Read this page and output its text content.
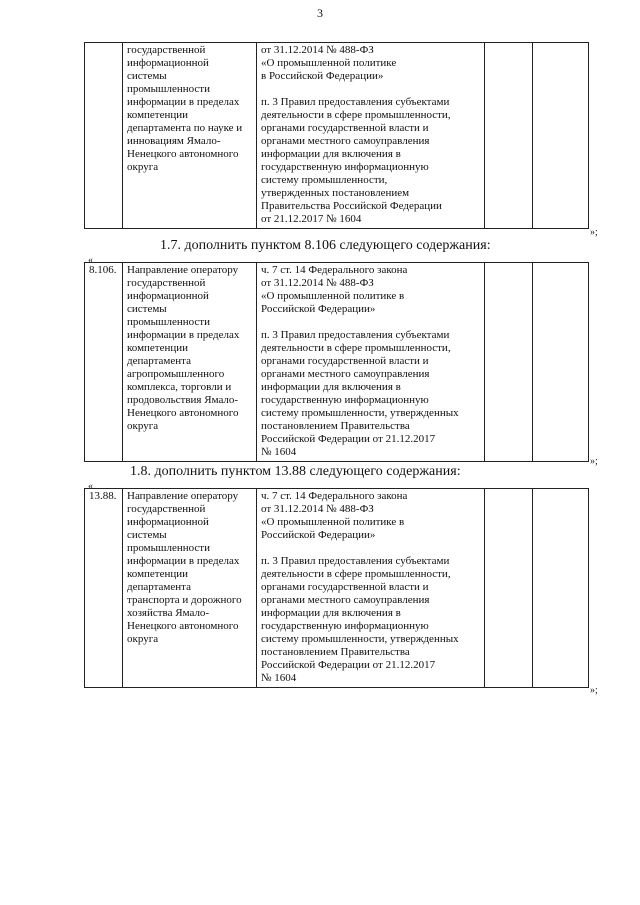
3
	государственной
информационной
системы
промышленности
информации в пределах
компетенции
департамента по науке и
инновациям Ямало-
Ненецкого автономного
округа	от 31.12.2014 № 488-ФЗ
«О промышленной политике
в Российской Федерации»

п. 3 Правил предоставления субъектами
деятельности в сфере промышленности,
органами государственной власти и
органами местного самоуправления
информации для включения в
государственную информационную
систему промышленности,
утвержденных постановлением
Правительства Российской Федерации
от 21.12.2017 № 1604		
»;
1.7. дополнить пунктом 8.106 следующего содержания:
«
8.106.	Направление оператору
государственной
информационной
системы
промышленности
информации в пределах
компетенции
департамента
агропромышленного
комплекса, торговли и
продовольствия Ямало-
Ненецкого автономного
округа	ч. 7 ст. 14 Федерального закона
от 31.12.2014 № 488-ФЗ
«О промышленной политике в
Российской Федерации»

п. 3 Правил предоставления субъектами
деятельности в сфере промышленности,
органами государственной власти и
органами местного самоуправления
информации для включения в
государственную информационную
систему промышленности, утвержденных
постановлением Правительства
Российской Федерации от 21.12.2017
№ 1604		
»;
1.8. дополнить пунктом 13.88 следующего содержания:
«
13.88.	Направление оператору
государственной
информационной
системы
промышленности
информации в пределах
компетенции
департамента
транспорта и дорожного
хозяйства Ямало-
Ненецкого автономного
округа	ч. 7 ст. 14 Федерального закона
от 31.12.2014 № 488-ФЗ
«О промышленной политике в
Российской Федерации»

п. 3 Правил предоставления субъектами
деятельности в сфере промышленности,
органами государственной власти и
органами местного самоуправления
информации для включения в
государственную информационную
систему промышленности, утвержденных
постановлением Правительства
Российской Федерации от 21.12.2017
№ 1604		
»;
